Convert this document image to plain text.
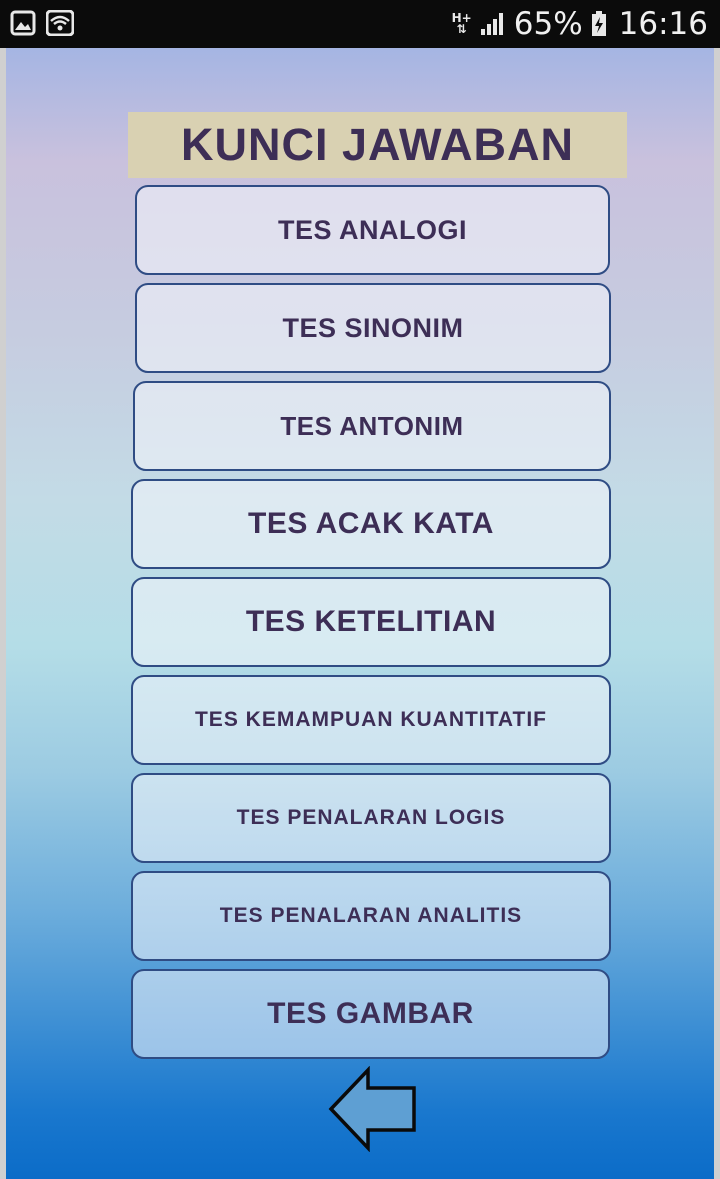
H+
⇅ 65% 16:16
KUNCI JAWABAN
TES ANALOGI
TES SINONIM
TES ANTONIM
TES ACAK KATA
TES KETELITIAN
TES KEMAMPUAN KUANTITATIF
TES PENALARAN LOGIS
TES PENALARAN ANALITIS
TES GAMBAR
